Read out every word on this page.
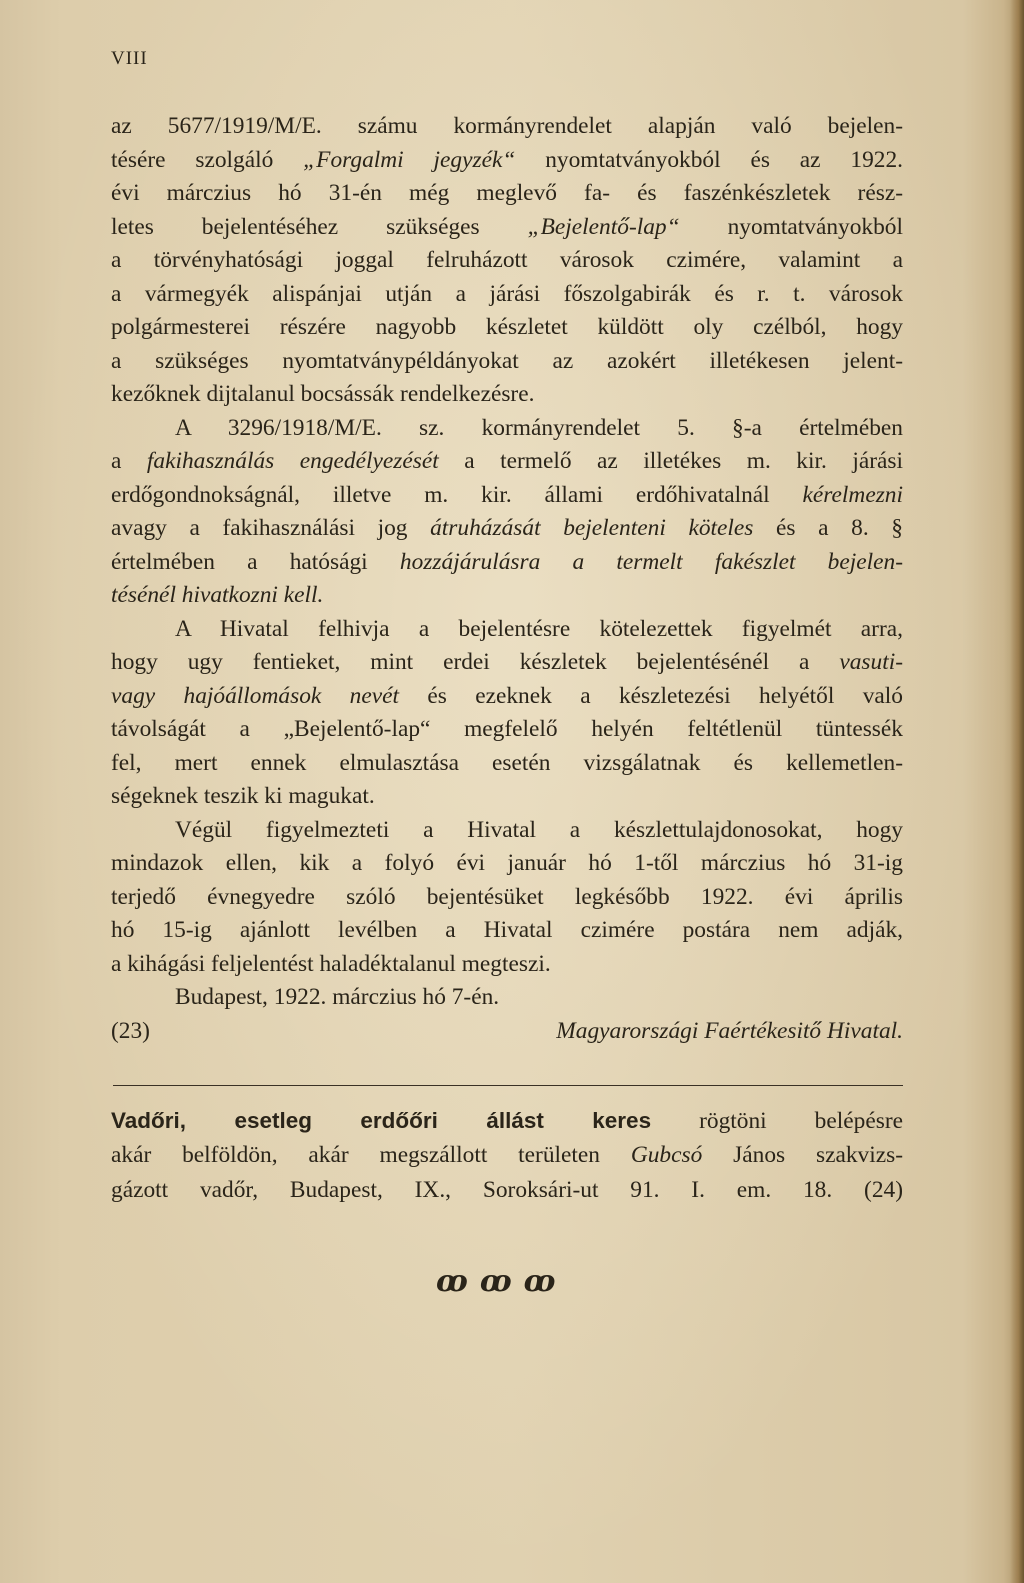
VIII
az 5677/1919/M/E. számu kormányrendelet alapján való bejelen-
tésére szolgáló „Forgalmi jegyzék“ nyomtatványokból és az 1922.
évi márczius hó 31-én még meglevő fa- és faszénkészletek rész-
letes bejelentéséhez szükséges „Bejelentő-lap“ nyomtatványokból
a törvényhatósági joggal felruházott városok czimére, valamint a
a vármegyék alispánjai utján a járási főszolgabirák és r. t. városok
polgármesterei részére nagyobb készletet küldött oly czélból, hogy
a szükséges nyomtatványpéldányokat az azokért illetékesen jelent-
kezőknek dijtalanul bocsássák rendelkezésre.
A 3296/1918/M/E. sz. kormányrendelet 5. §-a értelmében
a fakihasználás engedélyezését a termelő az illetékes m. kir. járási
erdőgondnokságnál, illetve m. kir. állami erdőhivatalnál kérelmezni
avagy a fakihasználási jog átruházását bejelenteni köteles és a 8. §
értelmében a hatósági hozzájárulásra a termelt fakészlet bejelen-
tésénél hivatkozni kell.
A Hivatal felhivja a bejelentésre kötelezettek figyelmét arra,
hogy ugy fentieket, mint erdei készletek bejelentésénél a vasuti-
vagy hajóállomások nevét és ezeknek a készletezési helyétől való
távolságát a „Bejelentő-lap“ megfelelő helyén feltétlenül tüntessék
fel, mert ennek elmulasztása esetén vizsgálatnak és kellemetlen-
ségeknek teszik ki magukat.
Végül figyelmezteti a Hivatal a készlettulajdonosokat, hogy
mindazok ellen, kik a folyó évi január hó 1-től márczius hó 31-ig
terjedő évnegyedre szóló bejentésüket legkésőbb 1922. évi április
hó 15-ig ajánlott levélben a Hivatal czimére postára nem adják,
a kihágási feljelentést haladéktalanul megteszi.
Budapest, 1922. márczius hó 7-én.
(23)	Magyarországi Faértékesitő Hivatal.
Vadőri, esetleg erdőőri állást keres rögtöni belépésre
akár belföldön, akár megszállott területen Gubcsó János szakvizs-
gázott vadőr, Budapest, IX., Soroksári-ut 91. I. em. 18. (24)
ꝏ ꝏ ꝏ
